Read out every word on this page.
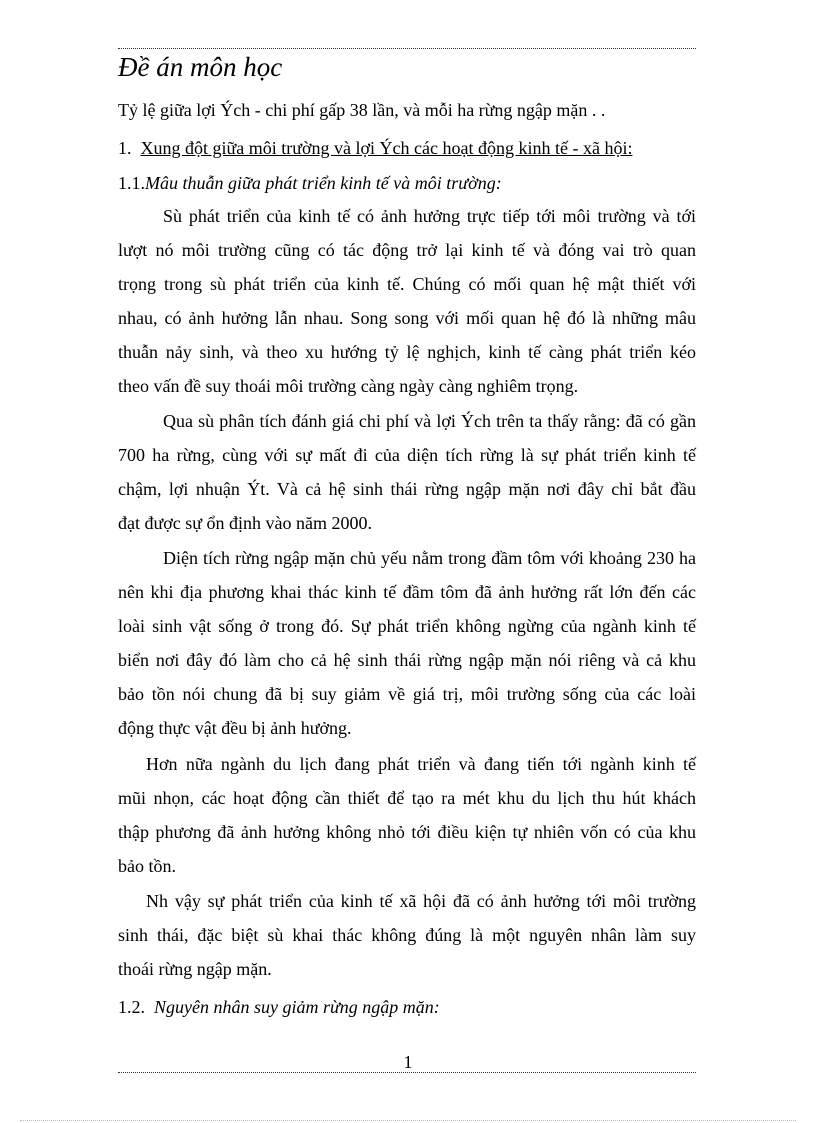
Đề án môn học
Tỷ lệ giữa lợi Ých - chi phí gấp 38 lần, và mỗi ha rừng ngập mặn . .
1. Xung đột giữa môi trường và lợi Ých các hoạt động kinh tế - xã hội:
1.1.Mâu thuẫn giữa phát triển kinh tế và môi trường:
Sù phát triển của kinh tế có ảnh hưởng trực tiếp tới môi trường và tới
lượt nó môi trường cũng có tác động trở lại kinh tế và đóng vai trò quan
trọng trong sù phát triển của kinh tế. Chúng có mối quan hệ mật thiết với
nhau, có ảnh hưởng lẫn nhau. Song song với mối quan hệ đó là những mâu
thuẫn nảy sinh, và theo xu hướng tỷ lệ nghịch, kinh tế càng phát triển kéo
theo vấn đề suy thoái môi trường càng ngày càng nghiêm trọng.
Qua sù phân tích đánh giá chi phí và lợi Ých trên ta thấy rằng: đã có gần
700 ha rừng, cùng với sự mất đi của diện tích rừng là sự phát triển kinh tế
chậm, lợi nhuận Ýt. Và cả hệ sinh thái rừng ngập mặn nơi đây chỉ bắt đầu
đạt được sự ổn định vào năm 2000.
Diện tích rừng ngập mặn chủ yếu nằm trong đầm tôm với khoảng 230 ha
nên khi địa phương khai thác kinh tế đầm tôm đã ảnh hưởng rất lớn đến các
loài sinh vật sống ở trong đó. Sự phát triển không ngừng của ngành kinh tế
biển nơi đây đó làm cho cả hệ sinh thái rừng ngập mặn nói riêng và cả khu
bảo tồn nói chung đã bị suy giảm về giá trị, môi trường sống của các loài
động thực vật đều bị ảnh hưởng.
Hơn nữa ngành du lịch đang phát triển và đang tiến tới ngành kinh tế
mũi nhọn, các hoạt động cần thiết để tạo ra mét khu du lịch thu hút khách
thập phương đã ảnh hưởng không nhỏ tới điều kiện tự nhiên vốn có của khu
bảo tồn.
Nh vậy sự phát triển của kinh tế xã hội đã có ảnh hưởng tới môi trường
sinh thái, đặc biệt sù khai thác không đúng là một nguyên nhân làm suy
thoái rừng ngập mặn.
1.2. Nguyên nhân suy giảm rừng ngập mặn:
1
